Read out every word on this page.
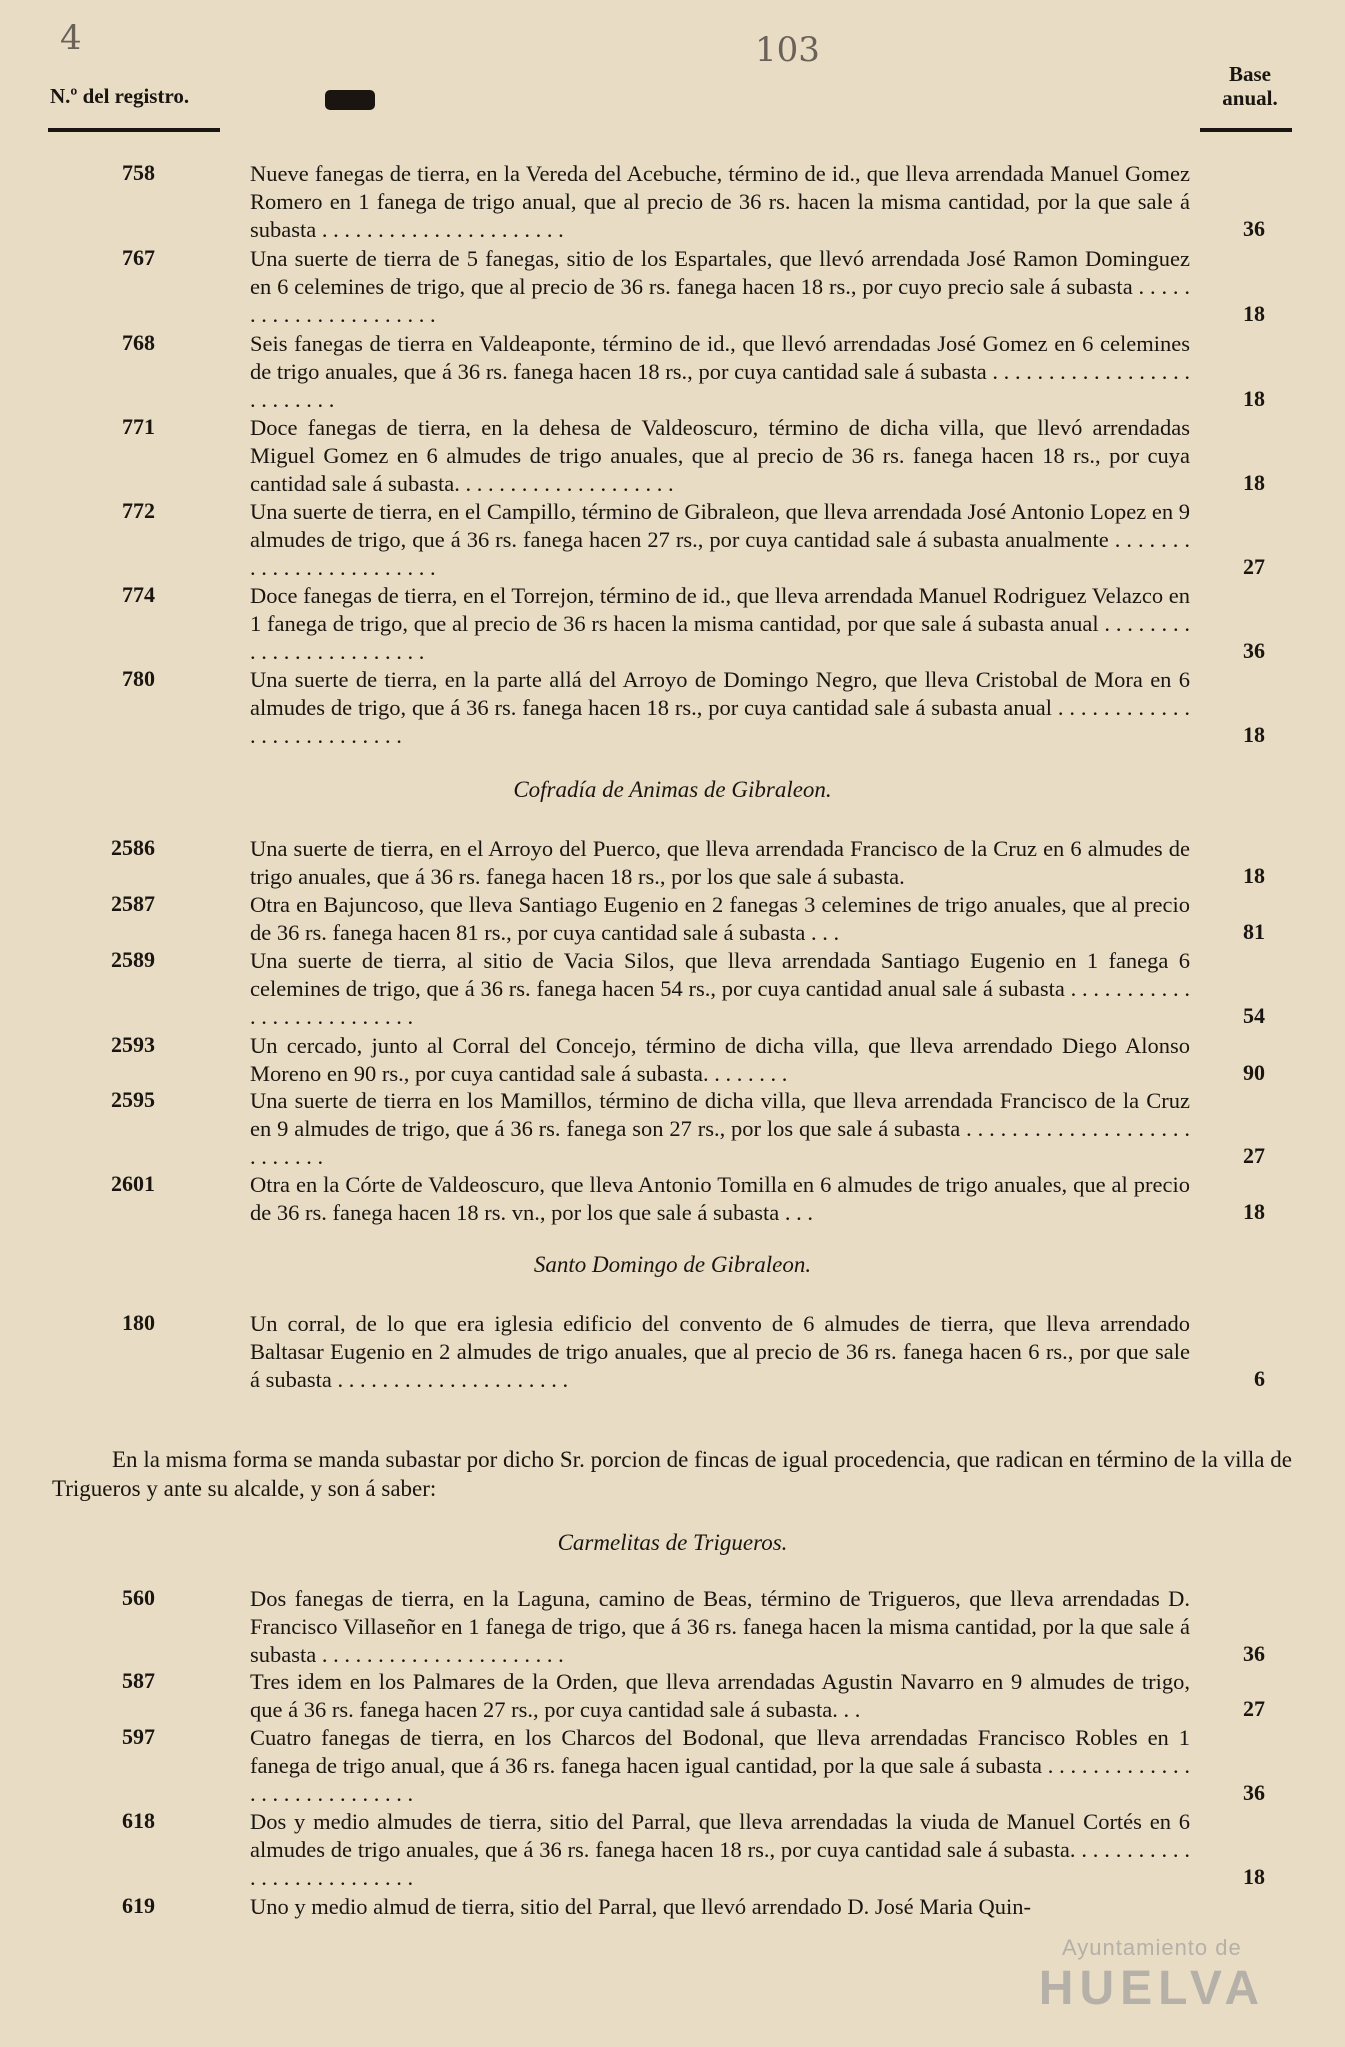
4	103
N.º del registro.
Base
anual.
758	Nueve fanegas de tierra, en la Vereda del Acebuche, término de id., que lleva arrendada Manuel Gomez Romero en 1 fanega de trigo anual, que al precio de 36 rs. hacen la misma cantidad, por la que sale á subasta . . . . . . . . . . . . . . . . . . . . . .	36
767	Una suerte de tierra de 5 fanegas, sitio de los Espartales, que llevó arrendada José Ramon Dominguez en 6 celemines de trigo, que al precio de 36 rs. fanega hacen 18 rs., por cuyo precio sale á subasta . . . . . . . . . . . . . . . . . . . . . .	18
768	Seis fanegas de tierra en Valdeaponte, término de id., que llevó arrendadas José Gomez en 6 celemines de trigo anuales, que á 36 rs. fanega hacen 18 rs., por cuya cantidad sale á subasta . . . . . . . . . . . . . . . . . . . . . . . . . .	18
771	Doce fanegas de tierra, en la dehesa de Valdeoscuro, término de dicha villa, que llevó arrendadas Miguel Gomez en 6 almudes de trigo anuales, que al precio de 36 rs. fanega hacen 18 rs., por cuya cantidad sale á subasta. . . . . . . . . . . . . . . . . . . .	18
772	Una suerte de tierra, en el Campillo, término de Gibraleon, que lleva arrendada José Antonio Lopez en 9 almudes de trigo, que á 36 rs. fanega hacen 27 rs., por cuya cantidad sale á subasta anualmente . . . . . . . . . . . . . . . . . . . . . . . .	27
774	Doce fanegas de tierra, en el Torrejon, término de id., que lleva arrendada Manuel Rodriguez Velazco en 1 fanega de trigo, que al precio de 36 rs hacen la misma cantidad, por que sale á subasta anual . . . . . . . . . . . . . . . . . . . . . . . .	36
780	Una suerte de tierra, en la parte allá del Arroyo de Domingo Negro, que lleva Cristobal de Mora en 6 almudes de trigo, que á 36 rs. fanega hacen 18 rs., por cuya cantidad sale á subasta anual . . . . . . . . . . . . . . . . . . . . . . . . . .	18
Cofradía de Animas de Gibraleon.
2586	Una suerte de tierra, en el Arroyo del Puerco, que lleva arrendada Francisco de la Cruz en 6 almudes de trigo anuales, que á 36 rs. fanega hacen 18 rs., por los que sale á subasta.	18
2587	Otra en Bajuncoso, que lleva Santiago Eugenio en 2 fanegas 3 celemines de trigo anuales, que al precio de 36 rs. fanega hacen 81 rs., por cuya cantidad sale á subasta . . .	81
2589	Una suerte de tierra, al sitio de Vacia Silos, que lleva arrendada Santiago Eugenio en 1 fanega 6 celemines de trigo, que á 36 rs. fanega hacen 54 rs., por cuya cantidad anual sale á subasta . . . . . . . . . . . . . . . . . . . . . . . . . .	54
2593	Un cercado, junto al Corral del Concejo, término de dicha villa, que lleva arrendado Diego Alonso Moreno en 90 rs., por cuya cantidad sale á subasta. . . . . . . .	90
2595	Una suerte de tierra en los Mamillos, término de dicha villa, que lleva arrendada Francisco de la Cruz en 9 almudes de trigo, que á 36 rs. fanega son 27 rs., por los que sale á subasta . . . . . . . . . . . . . . . . . . . . . . . . . . .	27
2601	Otra en la Córte de Valdeoscuro, que lleva Antonio Tomilla en 6 almudes de trigo anuales, que al precio de 36 rs. fanega hacen 18 rs. vn., por los que sale á subasta . . .	18
Santo Domingo de Gibraleon.
180	Un corral, de lo que era iglesia edificio del convento de 6 almudes de tierra, que lleva arrendado Baltasar Eugenio en 2 almudes de trigo anuales, que al precio de 36 rs. fanega hacen 6 rs., por que sale á subasta . . . . . . . . . . . . . . . . . . . . .	6
En la misma forma se manda subastar por dicho Sr. porcion de fincas de igual procedencia, que radican en término de la villa de Trigueros y ante su alcalde, y son á saber:
Carmelitas de Trigueros.
560	Dos fanegas de tierra, en la Laguna, camino de Beas, término de Trigueros, que lleva arrendadas D. Francisco Villaseñor en 1 fanega de trigo, que á 36 rs. fanega hacen la misma cantidad, por la que sale á subasta . . . . . . . . . . . . . . . . . . . . . .	36
587	Tres idem en los Palmares de la Orden, que lleva arrendadas Agustin Navarro en 9 almudes de trigo, que á 36 rs. fanega hacen 27 rs., por cuya cantidad sale á subasta. . .	27
597	Cuatro fanegas de tierra, en los Charcos del Bodonal, que lleva arrendadas Francisco Robles en 1 fanega de trigo anual, que á 36 rs. fanega hacen igual cantidad, por la que sale á subasta . . . . . . . . . . . . . . . . . . . . . . . . . . . .	36
618	Dos y medio almudes de tierra, sitio del Parral, que lleva arrendadas la viuda de Manuel Cortés en 6 almudes de trigo anuales, que á 36 rs. fanega hacen 18 rs., por cuya cantidad sale á subasta. . . . . . . . . . . . . . . . . . . . . . . . . .	18
619	Uno y medio almud de tierra, sitio del Parral, que llevó arrendado D. José Maria Quin-
Ayuntamiento de
HUELVA
